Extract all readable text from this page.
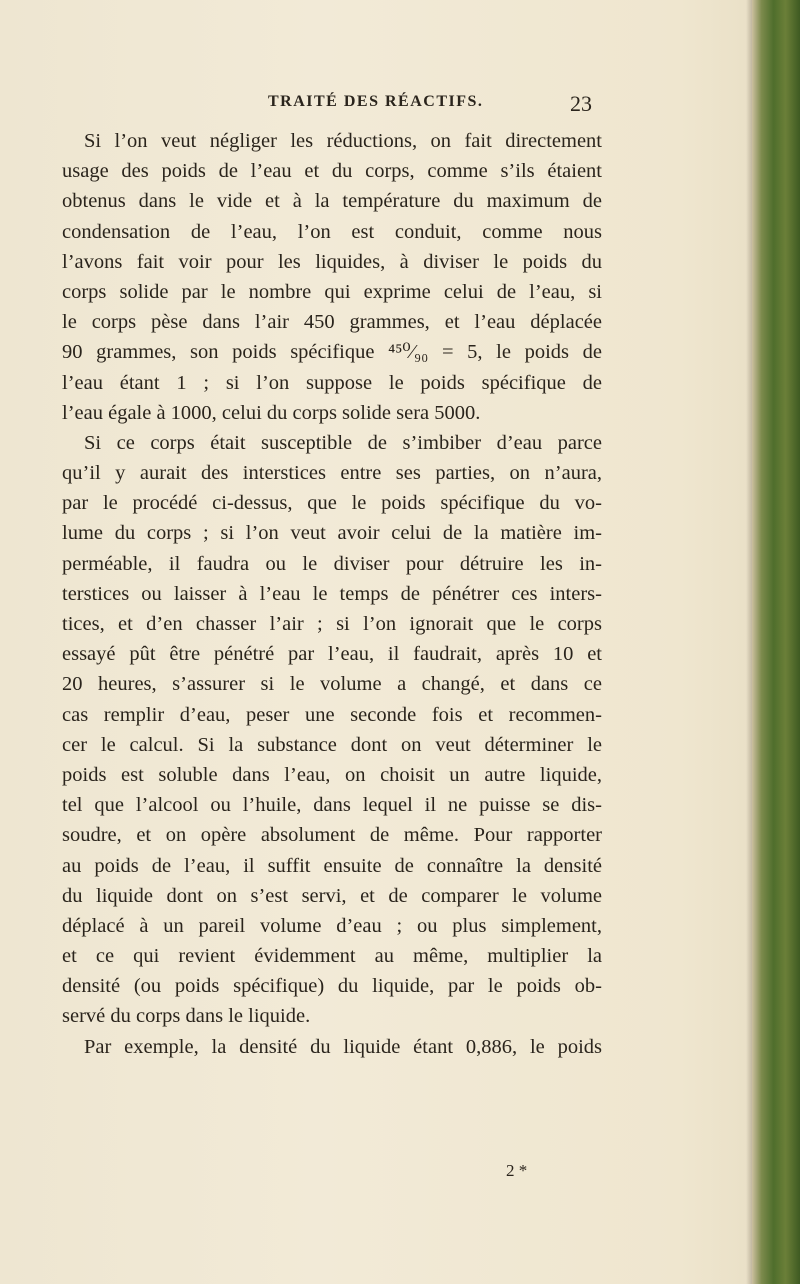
TRAITÉ DES RÉACTIFS.	23
Si l’on veut négliger les réductions, on fait directement
usage des poids de l’eau et du corps, comme s’ils étaient
obtenus dans le vide et à la température du maximum de
condensation de l’eau, l’on est conduit, comme nous
l’avons fait voir pour les liquides, à diviser le poids du
corps solide par le nombre qui exprime celui de l’eau, si
le corps pèse dans l’air 450 grammes, et l’eau déplacée
90 grammes, son poids spécifique ⁴⁵⁰⁄₉₀ = 5, le poids de
l’eau étant 1 ; si l’on suppose le poids spécifique de
l’eau égale à 1000, celui du corps solide sera 5000.
Si ce corps était susceptible de s’imbiber d’eau parce
qu’il y aurait des interstices entre ses parties, on n’aura,
par le procédé ci-dessus, que le poids spécifique du vo-
lume du corps ; si l’on veut avoir celui de la matière im-
perméable, il faudra ou le diviser pour détruire les in-
terstices ou laisser à l’eau le temps de pénétrer ces inters-
tices, et d’en chasser l’air ; si l’on ignorait que le corps
essayé pût être pénétré par l’eau, il faudrait, après 10 et
20 heures, s’assurer si le volume a changé, et dans ce
cas remplir d’eau, peser une seconde fois et recommen-
cer le calcul. Si la substance dont on veut déterminer le
poids est soluble dans l’eau, on choisit un autre liquide,
tel que l’alcool ou l’huile, dans lequel il ne puisse se dis-
soudre, et on opère absolument de même. Pour rapporter
au poids de l’eau, il suffit ensuite de connaître la densité
du liquide dont on s’est servi, et de comparer le volume
déplacé à un pareil volume d’eau ; ou plus simplement,
et ce qui revient évidemment au même, multiplier la
densité (ou poids spécifique) du liquide, par le poids ob-
servé du corps dans le liquide.
Par exemple, la densité du liquide étant 0,886, le poids
2 *
